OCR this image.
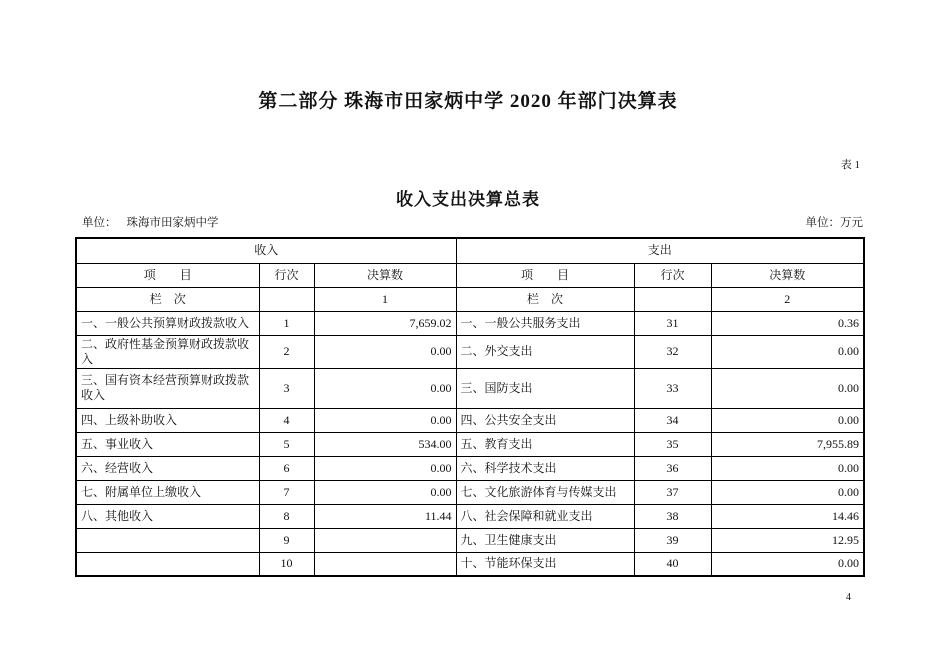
第二部分 珠海市田家炳中学 2020 年部门决算表
表 1
收入支出决算总表
单位： 珠海市田家炳中学	单位：万元
收入			支出		
项　　目	行次	决算数	项　　目	行次	决算数
栏　次		1	栏　次		2
一、一般公共预算财政拨款收入	1	7,659.02	一、一般公共服务支出	31	0.36
二、政府性基金预算财政拨款收入	2	0.00	二、外交支出	32	0.00
三、国有资本经营预算财政拨款收入	3	0.00	三、国防支出	33	0.00
四、上级补助收入	4	0.00	四、公共安全支出	34	0.00
五、事业收入	5	534.00	五、教育支出	35	7,955.89
六、经营收入	6	0.00	六、科学技术支出	36	0.00
七、附属单位上缴收入	7	0.00	七、文化旅游体育与传媒支出	37	0.00
八、其他收入	8	11.44	八、社会保障和就业支出	38	14.46
	9		九、卫生健康支出	39	12.95
	10		十、节能环保支出	40	0.00
4
